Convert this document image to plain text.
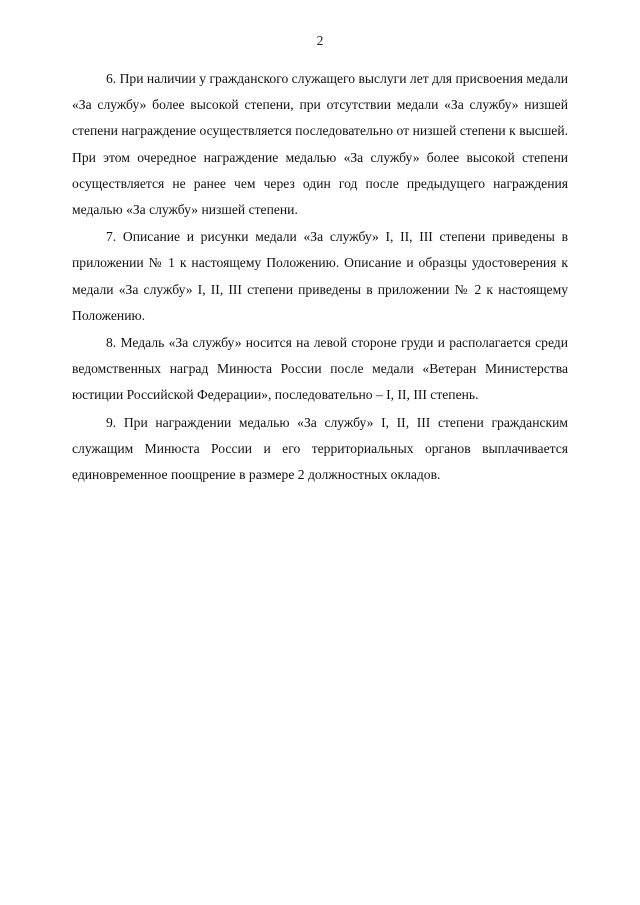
2

6. При наличии у гражданского служащего выслуги лет для присвоения медали «За службу» более высокой степени, при отсутствии медали «За службу» низшей степени награждение осуществляется последовательно от низшей степени к высшей. При этом очередное награждение медалью «За службу» более высокой степени осуществляется не ранее чем через один год после предыдущего награждения медалью «За службу» низшей степени.

7. Описание и рисунки медали «За службу» I, II, III степени приведены в приложении № 1 к настоящему Положению. Описание и образцы удостоверения к медали «За службу» I, II, III степени приведены в приложении № 2 к настоящему Положению.

8. Медаль «За службу» носится на левой стороне груди и располагается среди ведомственных наград Минюста России после медали «Ветеран Министерства юстиции Российской Федерации», последовательно – I, II, III степень.

9. При награждении медалью «За службу» I, II, III степени гражданским служащим Минюста России и его территориальных органов выплачивается единовременное поощрение в размере 2 должностных окладов.
